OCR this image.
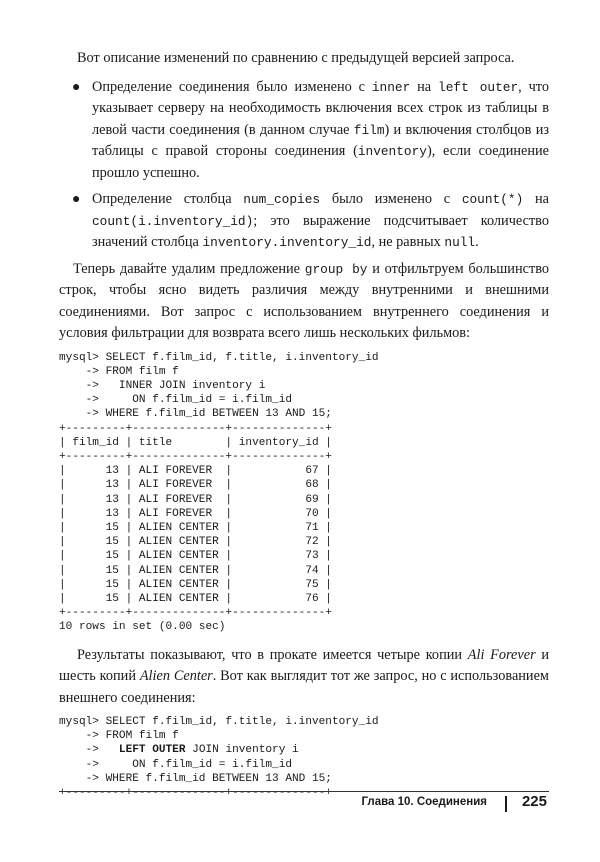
Вот описание изменений по сравнению с предыдущей версией запроса.

● Определение соединения было изменено с inner на left outer, что указывает серверу на необходимость включения всех строк из таблицы в левой части соединения (в данном случае film) и включения столбцов из таблицы с правой стороны соединения (inventory), если соединение прошло успешно.
● Определение столбца num_copies было изменено с count(*) на count(i.inventory_id); это выражение подсчитывает количество значений столбца inventory.inventory_id, не равных null.

Теперь давайте удалим предложение group by и отфильтруем большинство строк, чтобы ясно видеть различия между внутренними и внешними соединениями. Вот запрос с использованием внутреннего соединения и условия фильтрации для возврата всего лишь нескольких фильмов:

mysql> SELECT f.film_id, f.title, i.inventory_id
-> FROM film f
->   INNER JOIN inventory i
->     ON f.film_id = i.film_id
-> WHERE f.film_id BETWEEN 13 AND 15;
+---------+--------------+--------------+
| film_id | title        | inventory_id |
+---------+--------------+--------------+
|      13 | ALI FOREVER  |           67 |
|      13 | ALI FOREVER  |           68 |
|      13 | ALI FOREVER  |           69 |
|      13 | ALI FOREVER  |           70 |
|      15 | ALIEN CENTER |           71 |
|      15 | ALIEN CENTER |           72 |
|      15 | ALIEN CENTER |           73 |
|      15 | ALIEN CENTER |           74 |
|      15 | ALIEN CENTER |           75 |
|      15 | ALIEN CENTER |           76 |
+---------+--------------+--------------+
10 rows in set (0.00 sec)

Результаты показывают, что в прокате имеется четыре копии Ali Forever и шесть копий Alien Center. Вот как выглядит тот же запрос, но с использованием внешнего соединения:

mysql> SELECT f.film_id, f.title, i.inventory_id
-> FROM film f
->   LEFT OUTER JOIN inventory i
->     ON f.film_id = i.film_id
-> WHERE f.film_id BETWEEN 13 AND 15;
+---------+--------------+--------------+
Глава 10. Соединения 225
